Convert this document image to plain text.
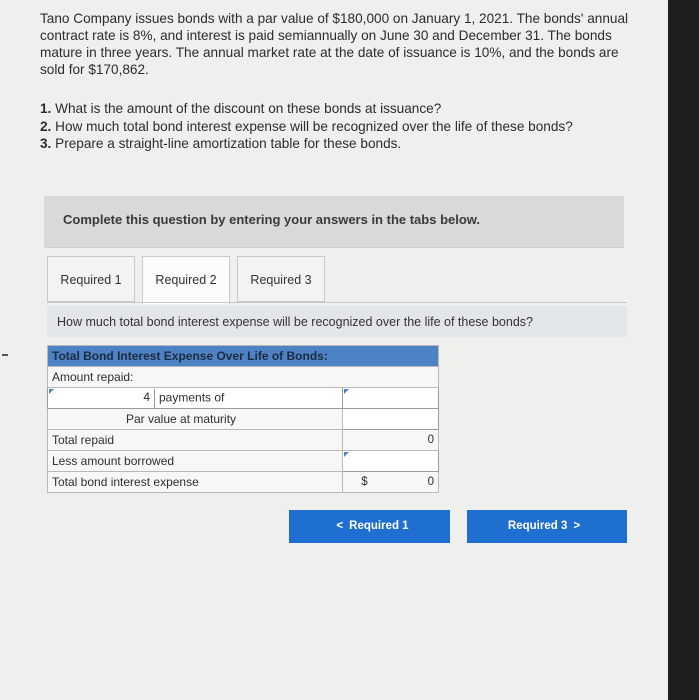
Tano Company issues bonds with a par value of $180,000 on January 1, 2021. The bonds' annual contract rate is 8%, and interest is paid semiannually on June 30 and December 31. The bonds mature in three years. The annual market rate at the date of issuance is 10%, and the bonds are sold for $170,862.

1. What is the amount of the discount on these bonds at issuance?

2. How much total bond interest expense will be recognized over the life of these bonds?

3. Prepare a straight-line amortization table for these bonds.

Complete this question by entering your answers in the tabs below.
Required 1	Required 2	Required 3
How much total bond interest expense will be recognized over the life of these bonds?
Total Bond Interest Expense Over Life of Bonds:	
Amount repaid:	
4 payments of	
Par value at maturity	
Total repaid	0
Less amount borrowed	
Total bond interest expense	$ 0
< Required 1	Required 3 >
